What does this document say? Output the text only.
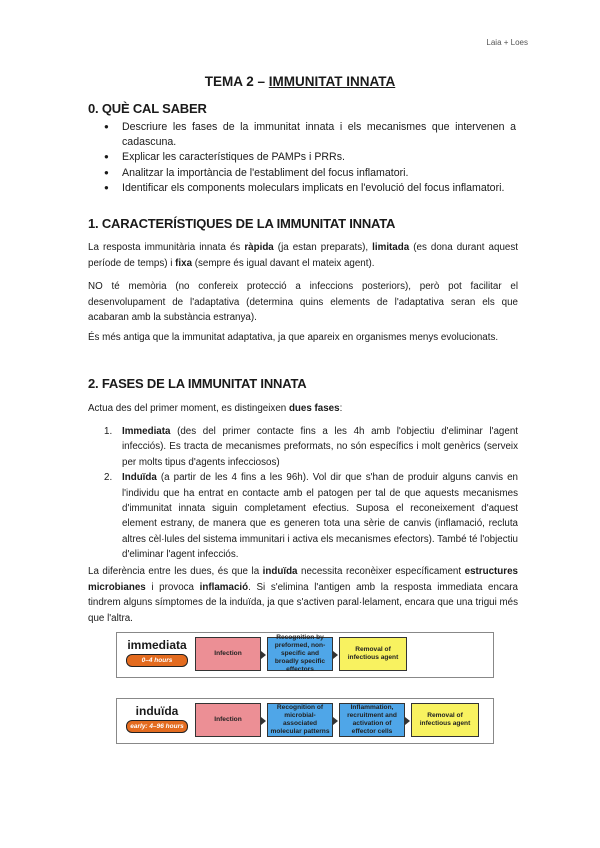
Laia + Loes
TEMA 2 – IMMUNITAT INNATA
0. QUÈ CAL SABER
● Descriure les fases de la immunitat innata i els mecanismes que intervenen a cadascuna.
● Explicar les característiques de PAMPs i PRRs.
● Analitzar la importància de l'establiment del focus inflamatori.
● Identificar els components moleculars implicats en l'evolució del focus inflamatori.
1. CARACTERÍSTIQUES DE LA IMMUNITAT INNATA
La resposta immunitària innata és ràpida (ja estan preparats), limitada (es dona durant aquest període de temps) i fixa (sempre és igual davant el mateix agent).
NO té memòria (no confereix protecció a infeccions posteriors), però pot facilitar el desenvolupament de l'adaptativa (determina quins elements de l'adaptativa seran els que acabaran amb la substància estranya).
És més antiga que la immunitat adaptativa, ja que apareix en organismes menys evolucionats.
2. FASES DE LA IMMUNITAT INNATA
Actua des del primer moment, es distingeixen dues fases:
1. Immediata (des del primer contacte fins a les 4h amb l'objectiu d'eliminar l'agent infecciós). Es tracta de mecanismes preformats, no són específics i molt genèrics (serveix per molts tipus d'agents infecciosos)
2. Induïda (a partir de les 4 fins a les 96h). Vol dir que s'han de produir alguns canvis en l'individu que ha entrat en contacte amb el patogen per tal de que aquests mecanismes d'immunitat innata siguin completament efectius. Suposa el reconeixement d'aquest element estrany, de manera que es generen tota una sèrie de canvis (inflamació, recluta altres cèl·lules del sistema immunitari i activa els mecanismes efectors). També té l'objectiu d'eliminar l'agent infecciós.
La diferència entre les dues, és que la induïda necessita reconèixer específicament estructures microbianes i provoca inflamació. Si s'elimina l'antigen amb la resposta immediata encara tindrem alguns símptomes de la induïda, ja que s'activen paral·lelament, encara que una trigui més que l'altra.
immediata
0–4 hours
Infection
Recognition by preformed, non-specific and broadly specific effectors
Removal of infectious agent
induïda
early: 4–96 hours
Infection
Recognition of microbial-associated molecular patterns
Inflammation, recruitment and activation of effector cells
Removal of infectious agent
